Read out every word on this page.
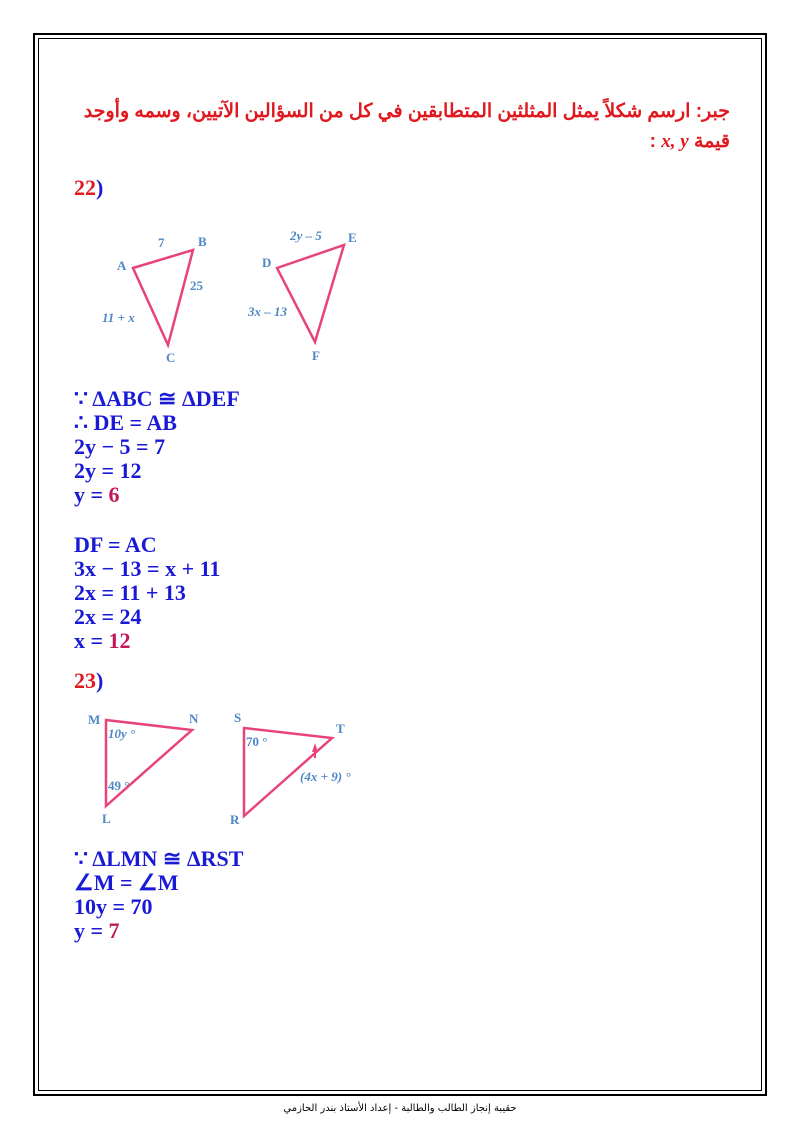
جبر: ارسم شكلاً يمثل المثلثين المتطابقين في كل من السؤالين الآتيين، وسمه وأوجد
قيمة x, y :
22)
A
B
C
7
25
11 + x
D
E
F
2y – 5
3x – 13
∵ ΔABC ≅ ΔDEF
∴ DE = AB
2y − 5 = 7
2y = 12
y = 6
DF = AC
3x − 13 = x + 11
2x = 11 + 13
2x = 24
x = 12
23)
M	N
L
10y °
49 °
S
T
R
70 °
(4x + 9) °
∵ ΔLMN ≅ ΔRST
∠M = ∠M
10y = 70
y = 7
حقيبة إنجاز الطالب والطالبة - إعداد الأستاذ بندر الحازمي
